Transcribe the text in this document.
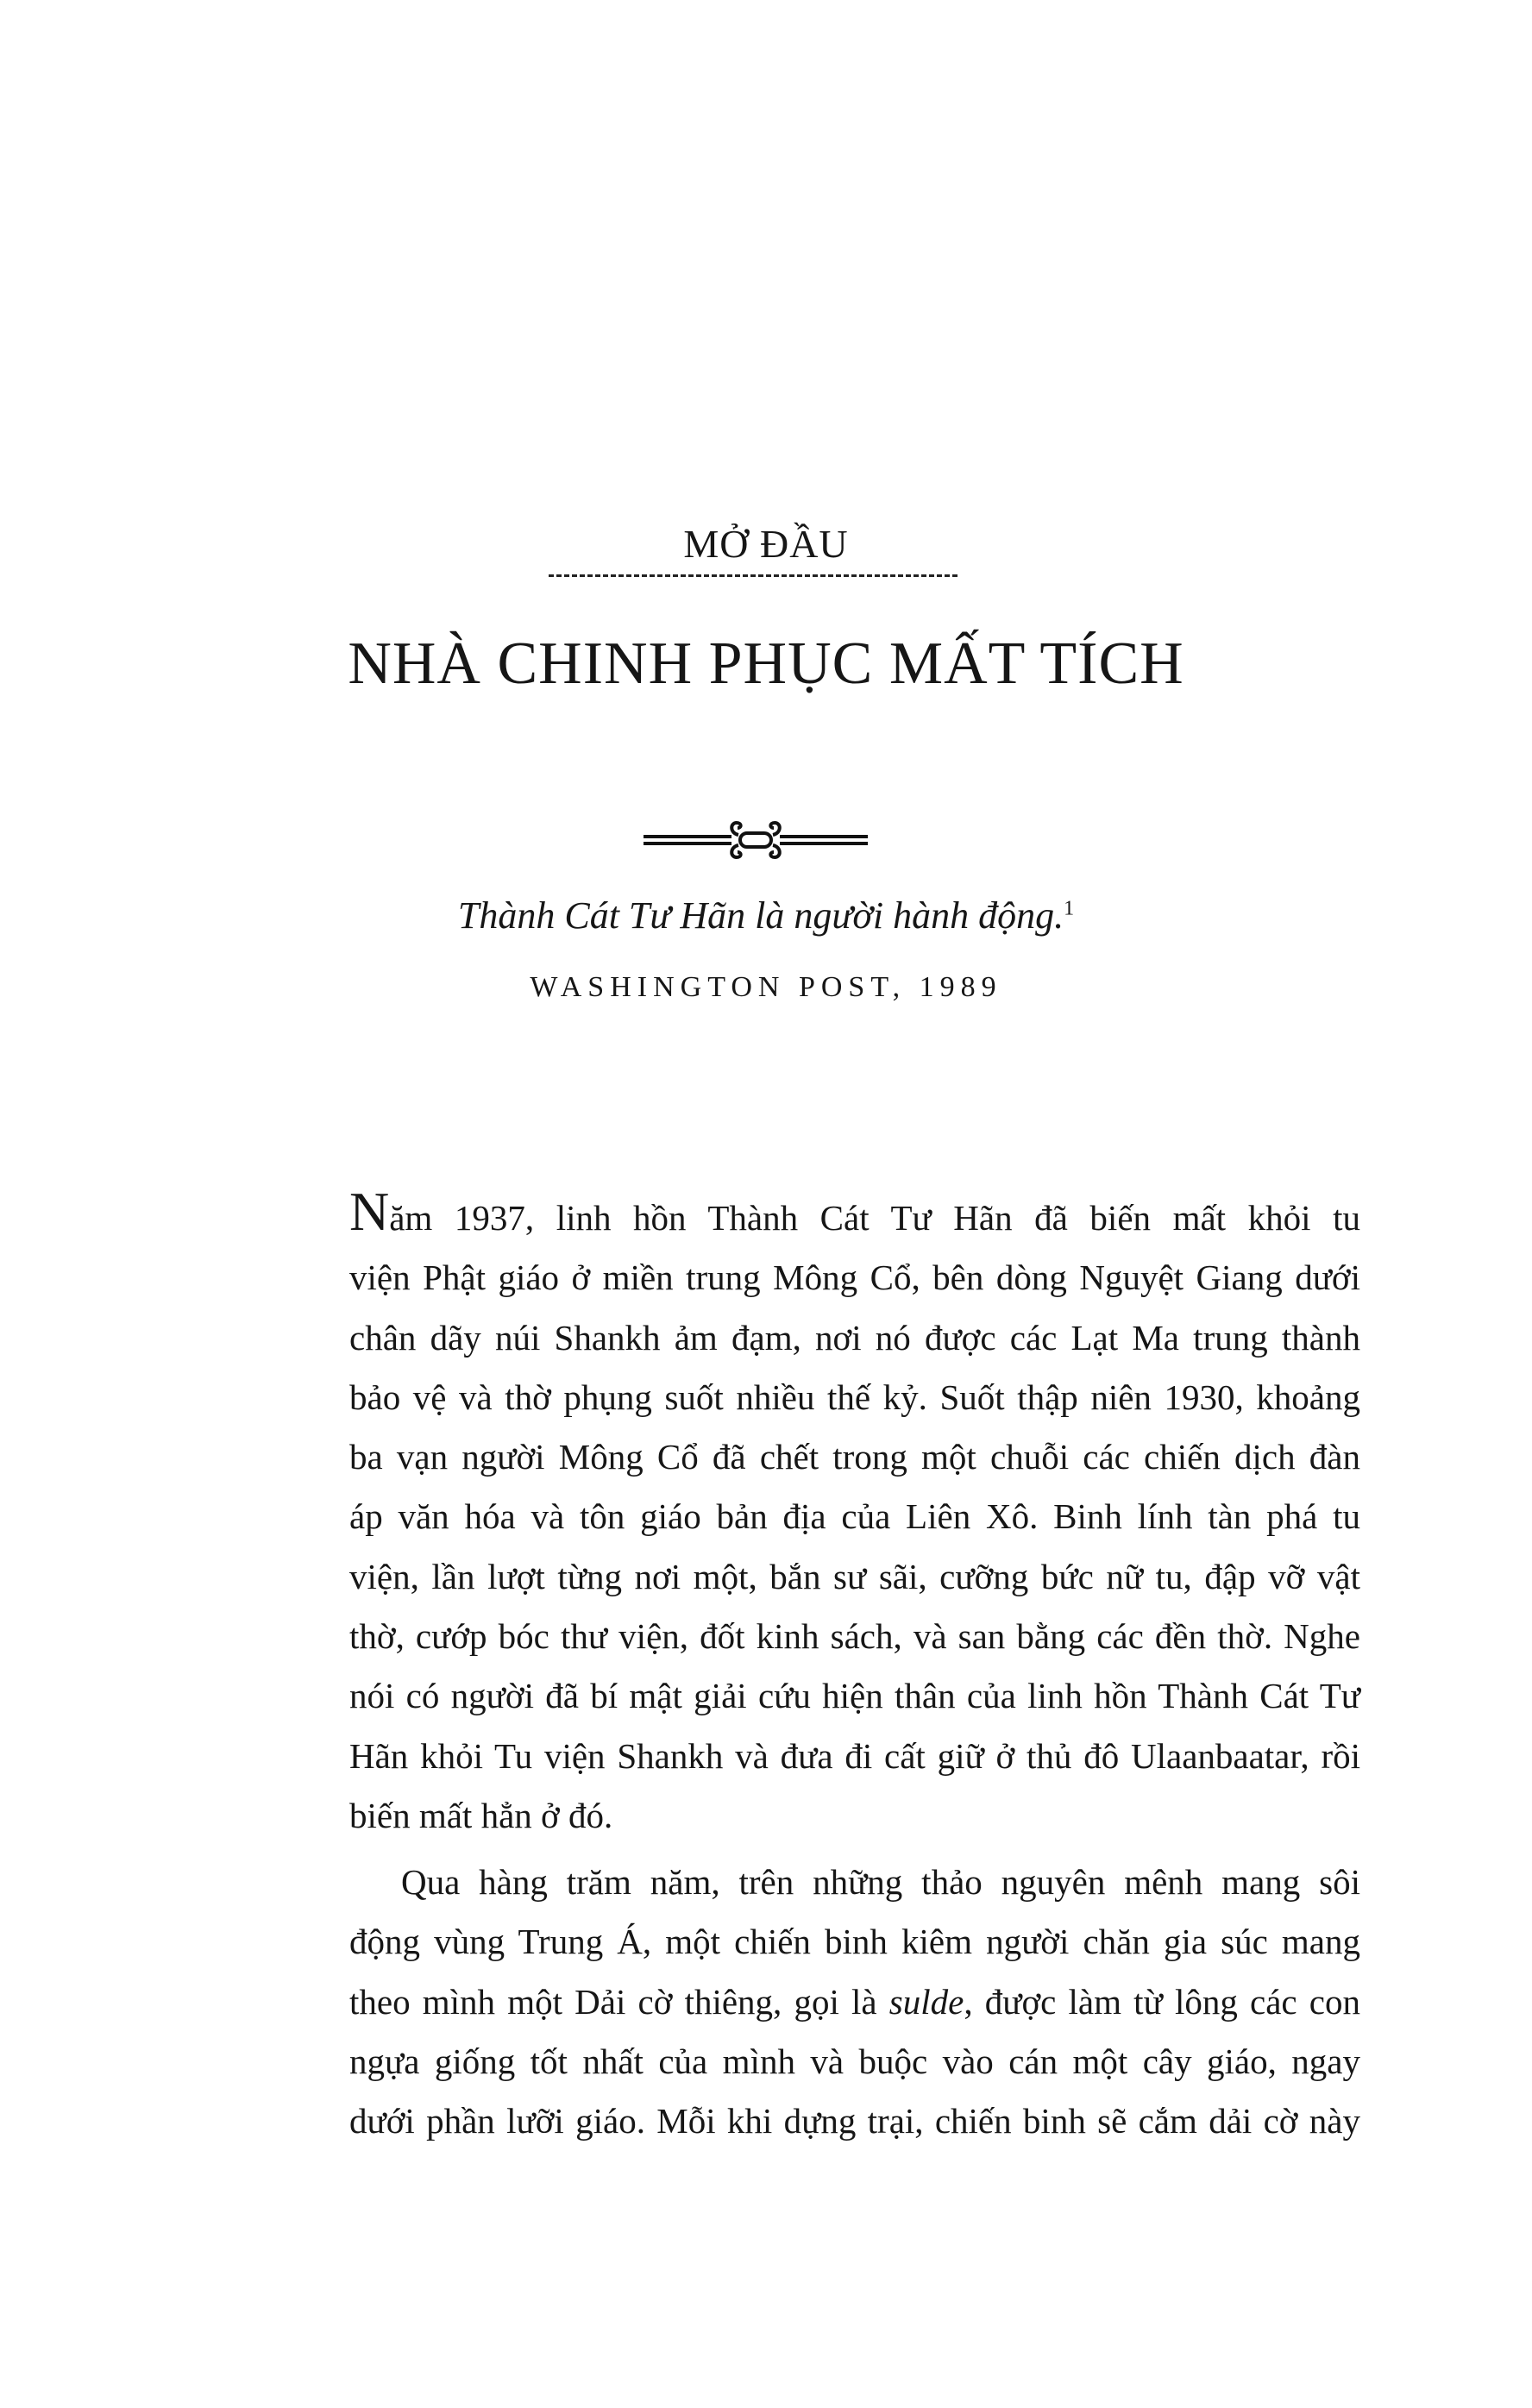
MỞ ĐẦU
NHÀ CHINH PHỤC MẤT TÍCH
Thành Cát Tư Hãn là người hành động.$^1$
WASHINGTON POST, 1989
Năm 1937, linh hồn Thành Cát Tư Hãn đã biến mất khỏi tu
viện Phật giáo ở miền trung Mông Cổ, bên dòng Nguyệt Giang dưới
chân dãy núi Shankh ảm đạm, nơi nó được các Lạt Ma trung thành
bảo vệ và thờ phụng suốt nhiều thế kỷ. Suốt thập niên 1930, khoảng
ba vạn người Mông Cổ đã chết trong một chuỗi các chiến dịch đàn
áp văn hóa và tôn giáo bản địa của Liên Xô. Binh lính tàn phá tu
viện, lần lượt từng nơi một, bắn sư sãi, cưỡng bức nữ tu, đập vỡ vật
thờ, cướp bóc thư viện, đốt kinh sách, và san bằng các đền thờ. Nghe
nói có người đã bí mật giải cứu hiện thân của linh hồn Thành Cát Tư
Hãn khỏi Tu viện Shankh và đưa đi cất giữ ở thủ đô Ulaanbaatar, rồi
biến mất hẳn ở đó.
Qua hàng trăm năm, trên những thảo nguyên mênh mang sôi
động vùng Trung Á, một chiến binh kiêm người chăn gia súc mang
theo mình một Dải cờ thiêng, gọi là sulde, được làm từ lông các con
ngựa giống tốt nhất của mình và buộc vào cán một cây giáo, ngay
dưới phần lưỡi giáo. Mỗi khi dựng trại, chiến binh sẽ cắm dải cờ này
